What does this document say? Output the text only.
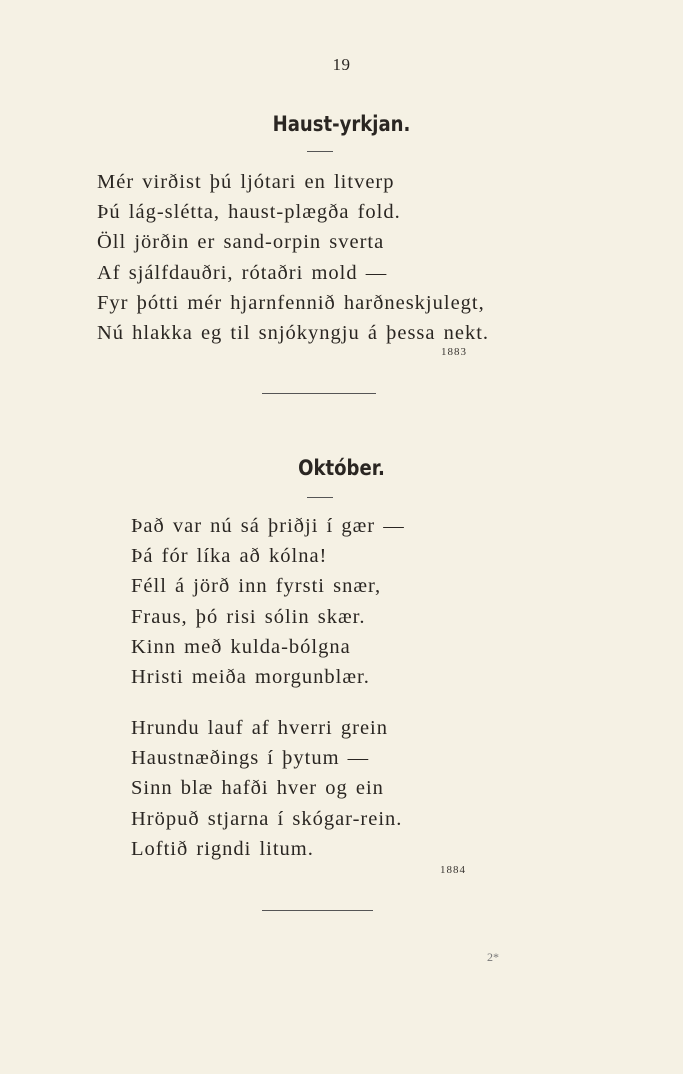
19
Haust-yrkjan.
Mér virðist þú ljótari en litverp
Þú lág-slétta, haust-plægða fold.
Öll jörðin er sand-orpin sverta
Af sjálfdauðri, rótaðri mold —
Fyr þótti mér hjarnfennið harðneskjulegt,
Nú hlakka eg til snjókyngju á þessa nekt.
1883
Október.
Það var nú sá þriðji í gær —
Þá fór líka að kólna!
Féll á jörð inn fyrsti snær,
Fraus, þó risi sólin skær.
Kinn með kulda-bólgna
Hristi meiða morgunblær.
Hrundu lauf af hverri grein
Haustnæðings í þytum —
Sinn blæ hafði hver og ein
Hröpuð stjarna í skógar-rein.
Loftið rigndi litum.
1884
2*
